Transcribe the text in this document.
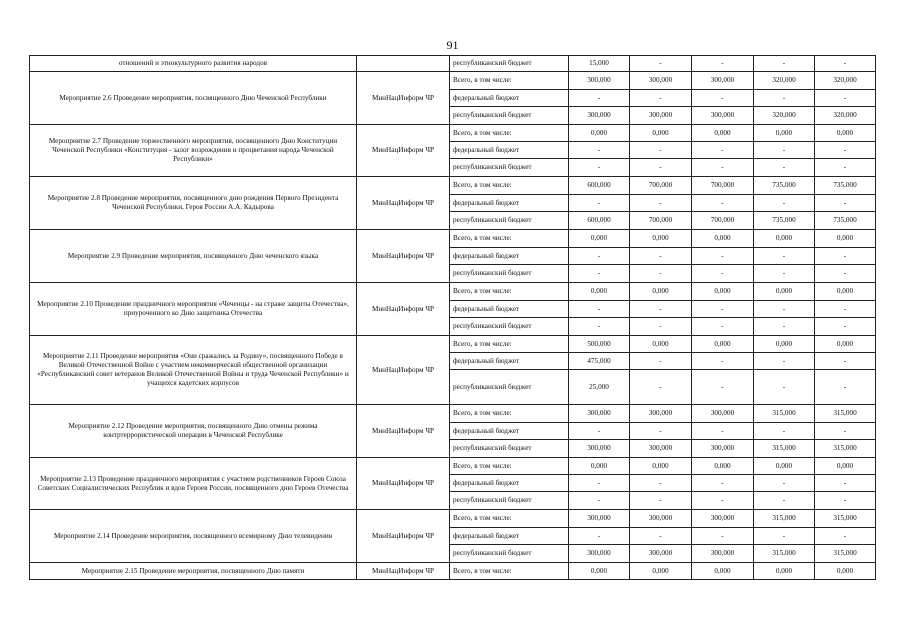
91
отношений и этнокультурного развития народов		республиканский бюджет	15,000	-	-	-	-
Мероприятие 2.6 Проведение мероприятия, посвященного Дню Чеченской Республики	МинНацИнформ ЧР	Всего, в том числе:	300,000	300,000	300,000	320,000	320,000
		федеральный бюджет	-	-	-	-	-
		республиканский бюджет	300,000	300,000	300,000	320,000	320,000
Мероприятие 2.7 Проведение торжественного мероприятия, посвященного Дню Конституции Чеченской Республики «Конституция - залог возрождения и процветания народа Чеченской Республики»	МинНацИнформ ЧР	Всего, в том числе:	0,000	0,000	0,000	0,000	0,000
		федеральный бюджет	-	-	-	-	-
		республиканский бюджет	-	-	-	-	-
Мероприятие 2.8 Проведение мероприятия, посвященного дню рождения Первого Президента Чеченской Республики, Героя России А.А. Кадырова	МинНацИнформ ЧР	Всего, в том числе:	600,000	700,000	700,000	735,000	735,000
		федеральный бюджет	-	-	-	-	-
		республиканский бюджет	600,000	700,000	700,000	735,000	735,000
Мероприятие 2.9 Проведение мероприятия, посвященного Дню чеченского языка	МинНацИнформ ЧР	Всего, в том числе:	0,000	0,000	0,000	0,000	0,000
		федеральный бюджет	-	-	-	-	-
		республиканский бюджет	-	-	-	-	-
Мероприятие 2.10 Проведение праздничного мероприятия «Чеченцы - на страже защиты Отечества», приуроченного ко Дню защитника Отечества	МинНацИнформ ЧР	Всего, в том числе:	0,000	0,000	0,000	0,000	0,000
		федеральный бюджет	-	-	-	-	-
		республиканский бюджет	-	-	-	-	-
Мероприятие 2.11 Проведение мероприятия «Они сражались за Родину», посвященного Победе в Великой Отечественной Войне с участием некоммерческой общественной организации «Республиканский совет ветеранов Великой Отечественной Войны и труда Чеченской Республики» и учащихся кадетских корпусов	МинНацИнформ ЧР	Всего, в том числе:	500,000	0,000	0,000	0,000	0,000
		федеральный бюджет	475,000	-	-	-	-
		республиканский бюджет	25,000	-	-	-	-
Мероприятие 2.12 Проведение мероприятия, посвященного Дню отмены режима контртеррористической операции в Чеченской Республике	МинНацИнформ ЧР	Всего, в том числе:	300,000	300,000	300,000	315,000	315,000
		федеральный бюджет	-	-	-	-	-
		республиканский бюджет	300,000	300,000	300,000	315,000	315,000
Мероприятие 2.13 Проведение праздничного мероприятия с участием родственников Героев Союза Советских Социалистических Республик и вдов Героев России, посвященного дню Героев Отечества	МинНацИнформ ЧР	Всего, в том числе:	0,000	0,000	0,000	0,000	0,000
		федеральный бюджет	-	-	-	-	-
		республиканский бюджет	-	-	-	-	-
Мероприятие 2.14 Проведение мероприятия, посвященного всемирному Дню телевидения	МинНацИнформ ЧР	Всего, в том числе:	300,000	300,000	300,000	315,000	315,000
		федеральный бюджет	-	-	-	-	-
		республиканский бюджет	300,000	300,000	300,000	315,000	315,000
Мероприятие 2.15 Проведение мероприятия, посвященного Дню памяти	МинНацИнформ ЧР	Всего, в том числе:	0,000	0,000	0,000	0,000	0,000
